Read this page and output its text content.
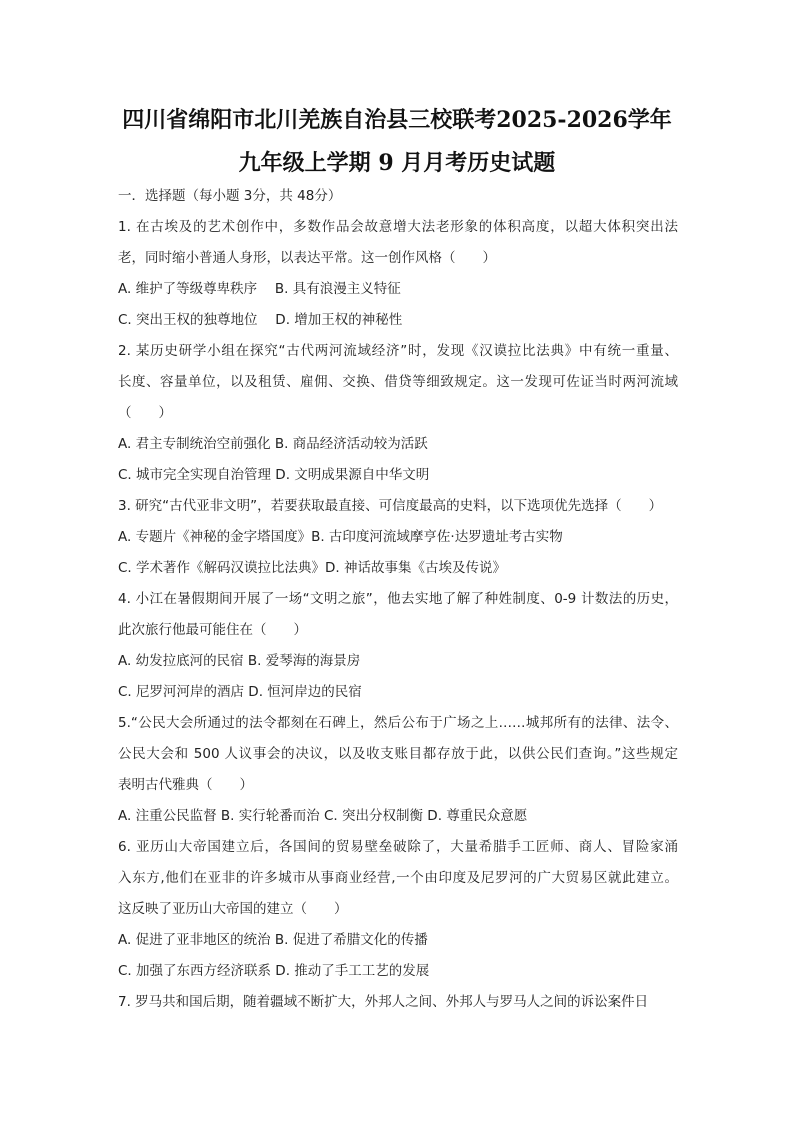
四川省绵阳市北川羌族自治县三校联考2025-2026学年
九年级上学期 9 月月考历史试题
一．选择题（每小题 3分，共 48分）
1. 在古埃及的艺术创作中，多数作品会故意增大法老形象的体积高度，以超大体积突出法
老，同时缩小普通人身形，以表达平常。这一创作风格（　　）
A. 维护了等级尊卑秩序　 B. 具有浪漫主义特征
C. 突出王权的独尊地位　 D. 增加王权的神秘性
2. 某历史研学小组在探究“古代两河流域经济”时，发现《汉谟拉比法典》中有统一重量、
长度、容量单位，以及租赁、雇佣、交换、借贷等细致规定。这一发现可佐证当时两河流域
（　　）
A. 君主专制统治空前强化 B. 商品经济活动较为活跃
C. 城市完全实现自治管理 D. 文明成果源自中华文明
3. 研究“古代亚非文明”，若要获取最直接、可信度最高的史料，以下选项优先选择（　　）
A. 专题片《神秘的金字塔国度》B. 古印度河流域摩亨佐·达罗遗址考古实物
C. 学术著作《解码汉谟拉比法典》D. 神话故事集《古埃及传说》
4. 小江在暑假期间开展了一场“文明之旅”，他去实地了解了种姓制度、0-9 计数法的历史，
此次旅行他最可能住在（　　）
A. 幼发拉底河的民宿 B. 爱琴海的海景房
C. 尼罗河河岸的酒店 D. 恒河岸边的民宿
5.“公民大会所通过的法令都刻在石碑上，然后公布于广场之上……城邦所有的法律、法令、
公民大会和 500 人议事会的决议，以及收支账目都存放于此，以供公民们查询。”这些规定
表明古代雅典（　　）
A. 注重公民监督 B. 实行轮番而治 C. 突出分权制衡 D. 尊重民众意愿
6. 亚历山大帝国建立后，各国间的贸易壁垒破除了，大量希腊手工匠师、商人、冒险家涌
入东方,他们在亚非的许多城市从事商业经营,一个由印度及尼罗河的广大贸易区就此建立。
这反映了亚历山大帝国的建立（　　）
A. 促进了亚非地区的统治 B. 促进了希腊文化的传播
C. 加强了东西方经济联系 D. 推动了手工工艺的发展
7. 罗马共和国后期，随着疆域不断扩大，外邦人之间、外邦人与罗马人之间的诉讼案件日
